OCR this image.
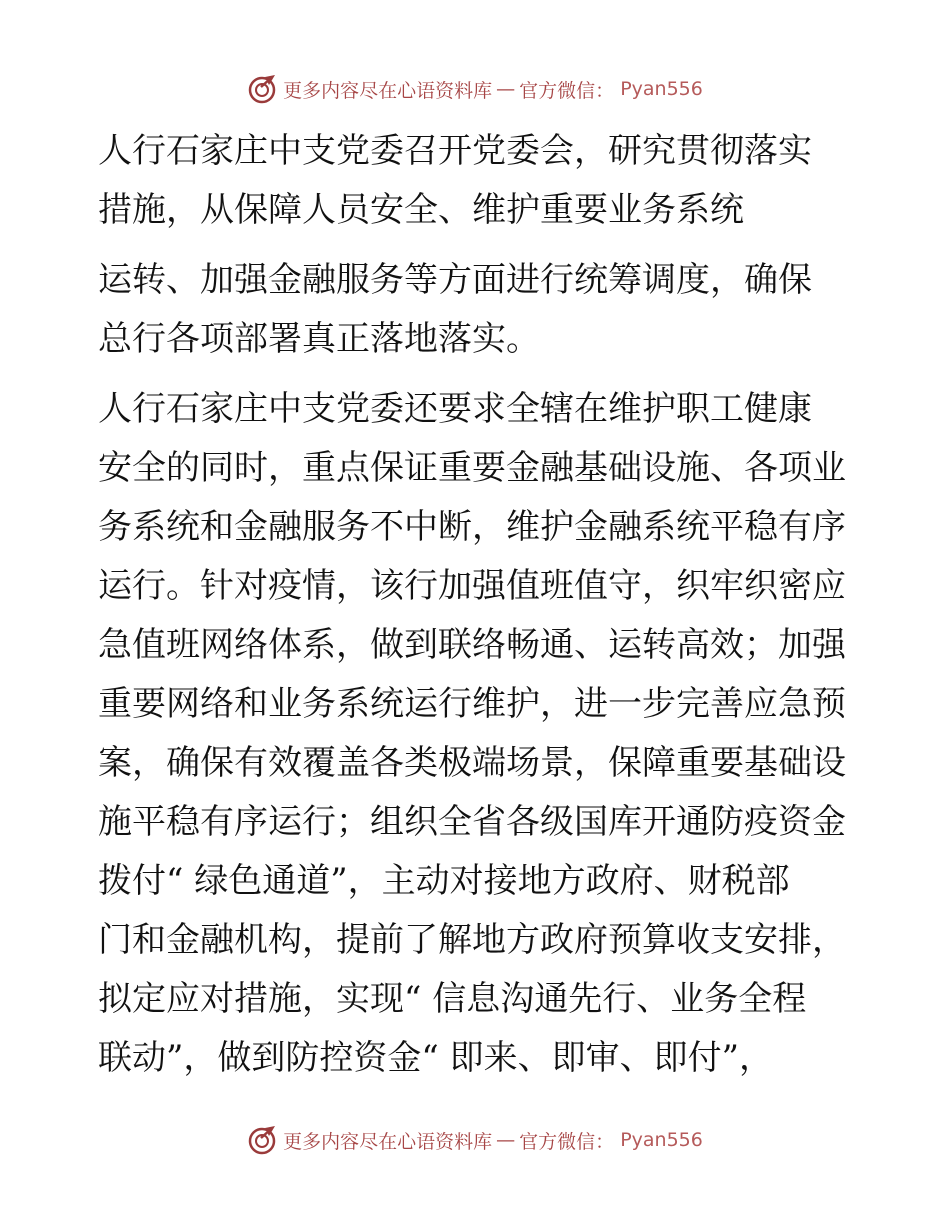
更多内容尽在心语资料库 — 官方微信： Pyan556
人行石家庄中支党委召开党委会，研究贯彻落实
措施，从保障人员安全、维护重要业务系统
运转、加强金融服务等方面进行统筹调度，确保
总行各项部署真正落地落实。
人行石家庄中支党委还要求全辖在维护职工健康
安全的同时，重点保证重要金融基础设施、各项业
务系统和金融服务不中断，维护金融系统平稳有序
运行。针对疫情，该行加强值班值守，织牢织密应
急值班网络体系，做到联络畅通、运转高效；加强
重要网络和业务系统运行维护，进一步完善应急预
案，确保有效覆盖各类极端场景，保障重要基础设
施平稳有序运行；组织全省各级国库开通防疫资金
拨付“ 绿色通道”，主动对接地方政府、财税部
门和金融机构，提前了解地方政府预算收支安排，
拟定应对措施，实现“ 信息沟通先行、业务全程
联动”，做到防控资金“ 即来、即审、即付”，
更多内容尽在心语资料库 — 官方微信： Pyan556
